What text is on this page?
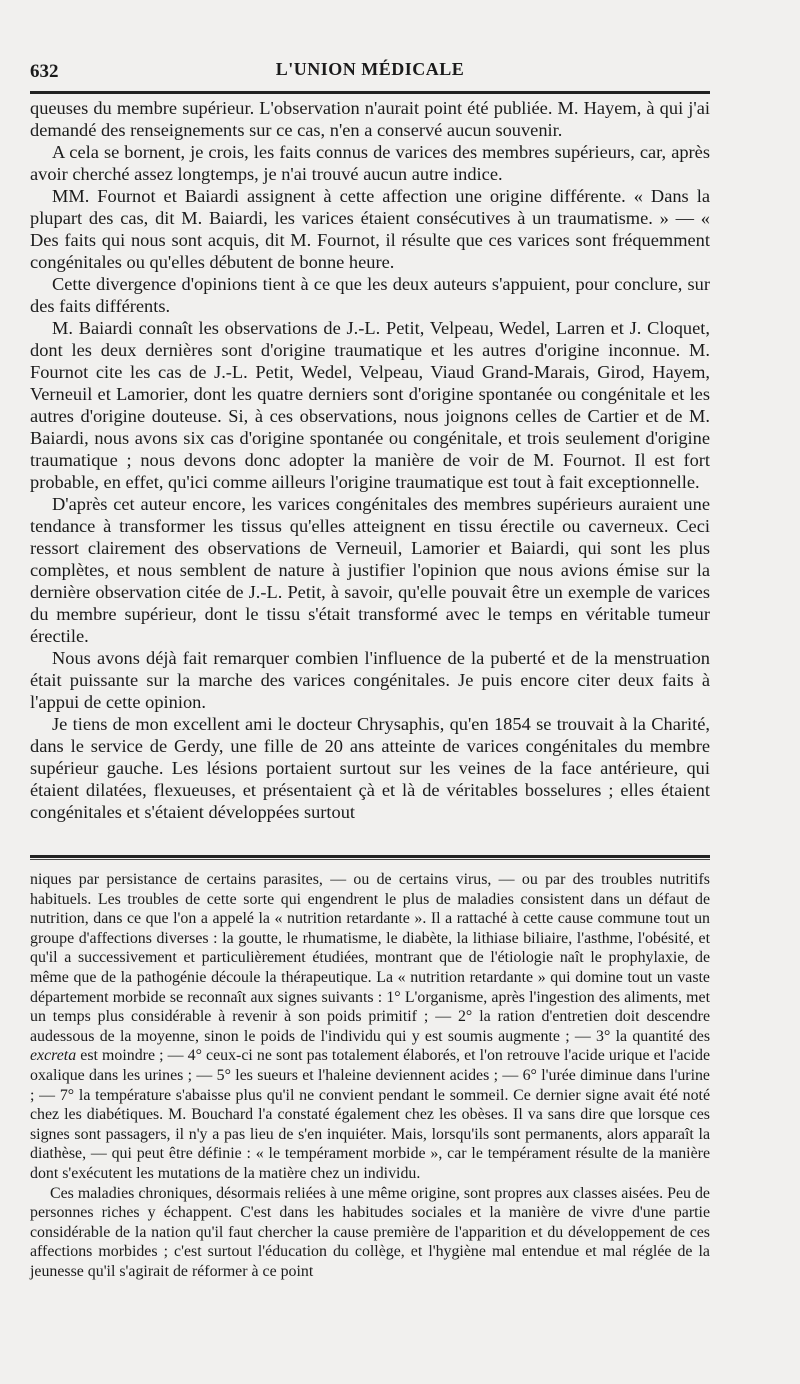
632	L'UNION MÉDICALE

queuses du membre supérieur. L'observation n'aurait point été publiée. M. Hayem, à qui j'ai demandé des renseignements sur ce cas, n'en a conservé aucun souvenir.

A cela se bornent, je crois, les faits connus de varices des membres supérieurs, car, après avoir cherché assez longtemps, je n'ai trouvé aucun autre indice.

MM. Fournot et Baiardi assignent à cette affection une origine différente. « Dans la plupart des cas, dit M. Baiardi, les varices étaient consécutives à un traumatisme. » — « Des faits qui nous sont acquis, dit M. Fournot, il résulte que ces varices sont fréquemment congénitales ou qu'elles débutent de bonne heure.

Cette divergence d'opinions tient à ce que les deux auteurs s'appuient, pour conclure, sur des faits différents.

M. Baiardi connaît les observations de J.-L. Petit, Velpeau, Wedel, Larren et J. Cloquet, dont les deux dernières sont d'origine traumatique et les autres d'origine inconnue. M. Fournot cite les cas de J.-L. Petit, Wedel, Velpeau, Viaud Grand-Marais, Girod, Hayem, Verneuil et Lamorier, dont les quatre derniers sont d'origine spontanée ou congénitale et les autres d'origine douteuse. Si, à ces observations, nous joignons celles de Cartier et de M. Baiardi, nous avons six cas d'origine spontanée ou congénitale, et trois seulement d'origine traumatique ; nous devons donc adopter la manière de voir de M. Fournot. Il est fort probable, en effet, qu'ici comme ailleurs l'origine traumatique est tout à fait exceptionnelle.

D'après cet auteur encore, les varices congénitales des membres supérieurs auraient une tendance à transformer les tissus qu'elles atteignent en tissu érectile ou caverneux. Ceci ressort clairement des observations de Verneuil, Lamorier et Baiardi, qui sont les plus complètes, et nous semblent de nature à justifier l'opinion que nous avions émise sur la dernière observation citée de J.-L. Petit, à savoir, qu'elle pouvait être un exemple de varices du membre supérieur, dont le tissu s'était transformé avec le temps en véritable tumeur érectile.

Nous avons déjà fait remarquer combien l'influence de la puberté et de la menstruation était puissante sur la marche des varices congénitales. Je puis encore citer deux faits à l'appui de cette opinion.

Je tiens de mon excellent ami le docteur Chrysaphis, qu'en 1854 se trouvait à la Charité, dans le service de Gerdy, une fille de 20 ans atteinte de varices congénitales du membre supérieur gauche. Les lésions portaient surtout sur les veines de la face antérieure, qui étaient dilatées, flexueuses, et présentaient çà et là de véritables bosselures ; elles étaient congénitales et s'étaient développées surtout

niques par persistance de certains parasites, — ou de certains virus, — ou par des troubles nutritifs habituels. Les troubles de cette sorte qui engendrent le plus de maladies consistent dans un défaut de nutrition, dans ce que l'on a appelé la « nutrition retardante ». Il a rattaché à cette cause commune tout un groupe d'affections diverses : la goutte, le rhumatisme, le diabète, la lithiase biliaire, l'asthme, l'obésité, et qu'il a successivement et particulièrement étudiées, montrant que de l'étiologie naît le prophylaxie, de même que de la pathogénie découle la thérapeutique. La « nutrition retardante » qui domine tout un vaste département morbide se reconnaît aux signes suivants : 1° L'organisme, après l'ingestion des aliments, met un temps plus considérable à revenir à son poids primitif ; — 2° la ration d'entretien doit descendre audessous de la moyenne, sinon le poids de l'individu qui y est soumis augmente ; — 3° la quantité des excreta est moindre ; — 4° ceux-ci ne sont pas totalement élaborés, et l'on retrouve l'acide urique et l'acide oxalique dans les urines ; — 5° les sueurs et l'haleine deviennent acides ; — 6° l'urée diminue dans l'urine ; — 7° la température s'abaisse plus qu'il ne convient pendant le sommeil. Ce dernier signe avait été noté chez les diabétiques. M. Bouchard l'a constaté également chez les obèses. Il va sans dire que lorsque ces signes sont passagers, il n'y a pas lieu de s'en inquiéter. Mais, lorsqu'ils sont permanents, alors apparaît la diathèse, — qui peut être définie : « le tempérament morbide », car le tempérament résulte de la manière dont s'exécutent les mutations de la matière chez un individu.

Ces maladies chroniques, désormais reliées à une même origine, sont propres aux classes aisées. Peu de personnes riches y échappent. C'est dans les habitudes sociales et la manière de vivre d'une partie considérable de la nation qu'il faut chercher la cause première de l'apparition et du développement de ces affections morbides ; c'est surtout l'éducation du collège, et l'hygiène mal entendue et mal réglée de la jeunesse qu'il s'agirait de réformer à ce point
